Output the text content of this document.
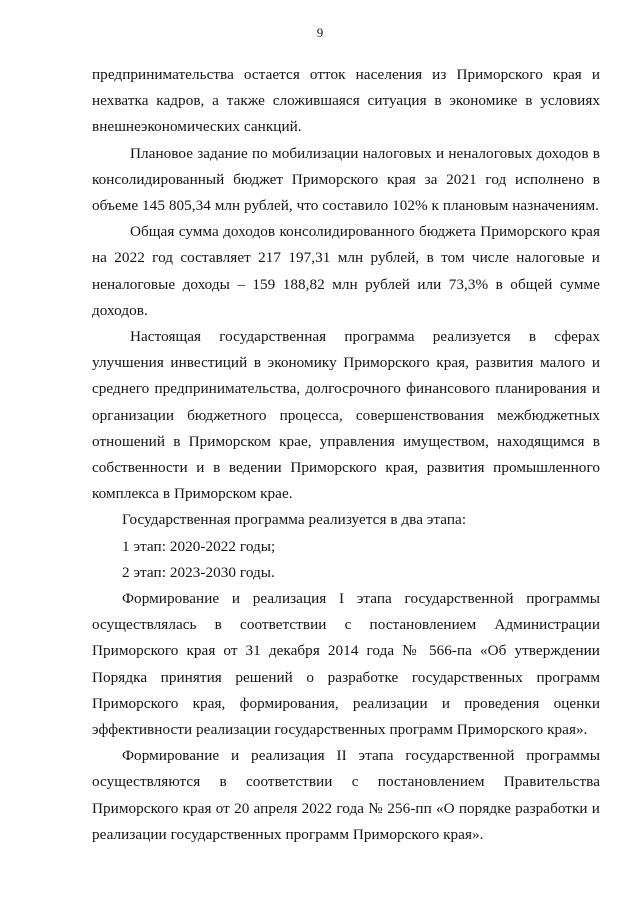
9

предпринимательства остается отток населения из Приморского края и нехватка кадров, а также сложившаяся ситуация в экономике в условиях внешнеэкономических санкций.

Плановое задание по мобилизации налоговых и неналоговых доходов в консолидированный бюджет Приморского края за 2021 год исполнено в объеме 145 805,34 млн рублей, что составило 102% к плановым назначениям.

Общая сумма доходов консолидированного бюджета Приморского края на 2022 год составляет 217 197,31 млн рублей, в том числе налоговые и неналоговые доходы – 159 188,82 млн рублей или 73,3% в общей сумме доходов.

Настоящая государственная программа реализуется в сферах улучшения инвестиций в экономику Приморского края, развития малого и среднего предпринимательства, долгосрочного финансового планирования и организации бюджетного процесса, совершенствования межбюджетных отношений в Приморском крае, управления имуществом, находящимся в собственности и в ведении Приморского края, развития промышленного комплекса в Приморском крае.

Государственная программа реализуется в два этапа:

1 этап: 2020-2022 годы;

2 этап: 2023-2030 годы.

Формирование и реализация I этапа государственной программы осуществлялась в соответствии с постановлением Администрации Приморского края от 31 декабря 2014 года № 566-па «Об утверждении Порядка принятия решений о разработке государственных программ Приморского края, формирования, реализации и проведения оценки эффективности реализации государственных программ Приморского края».

Формирование и реализация II этапа государственной программы осуществляются в соответствии с постановлением Правительства Приморского края от 20 апреля 2022 года № 256-пп «О порядке разработки и реализации государственных программ Приморского края».
